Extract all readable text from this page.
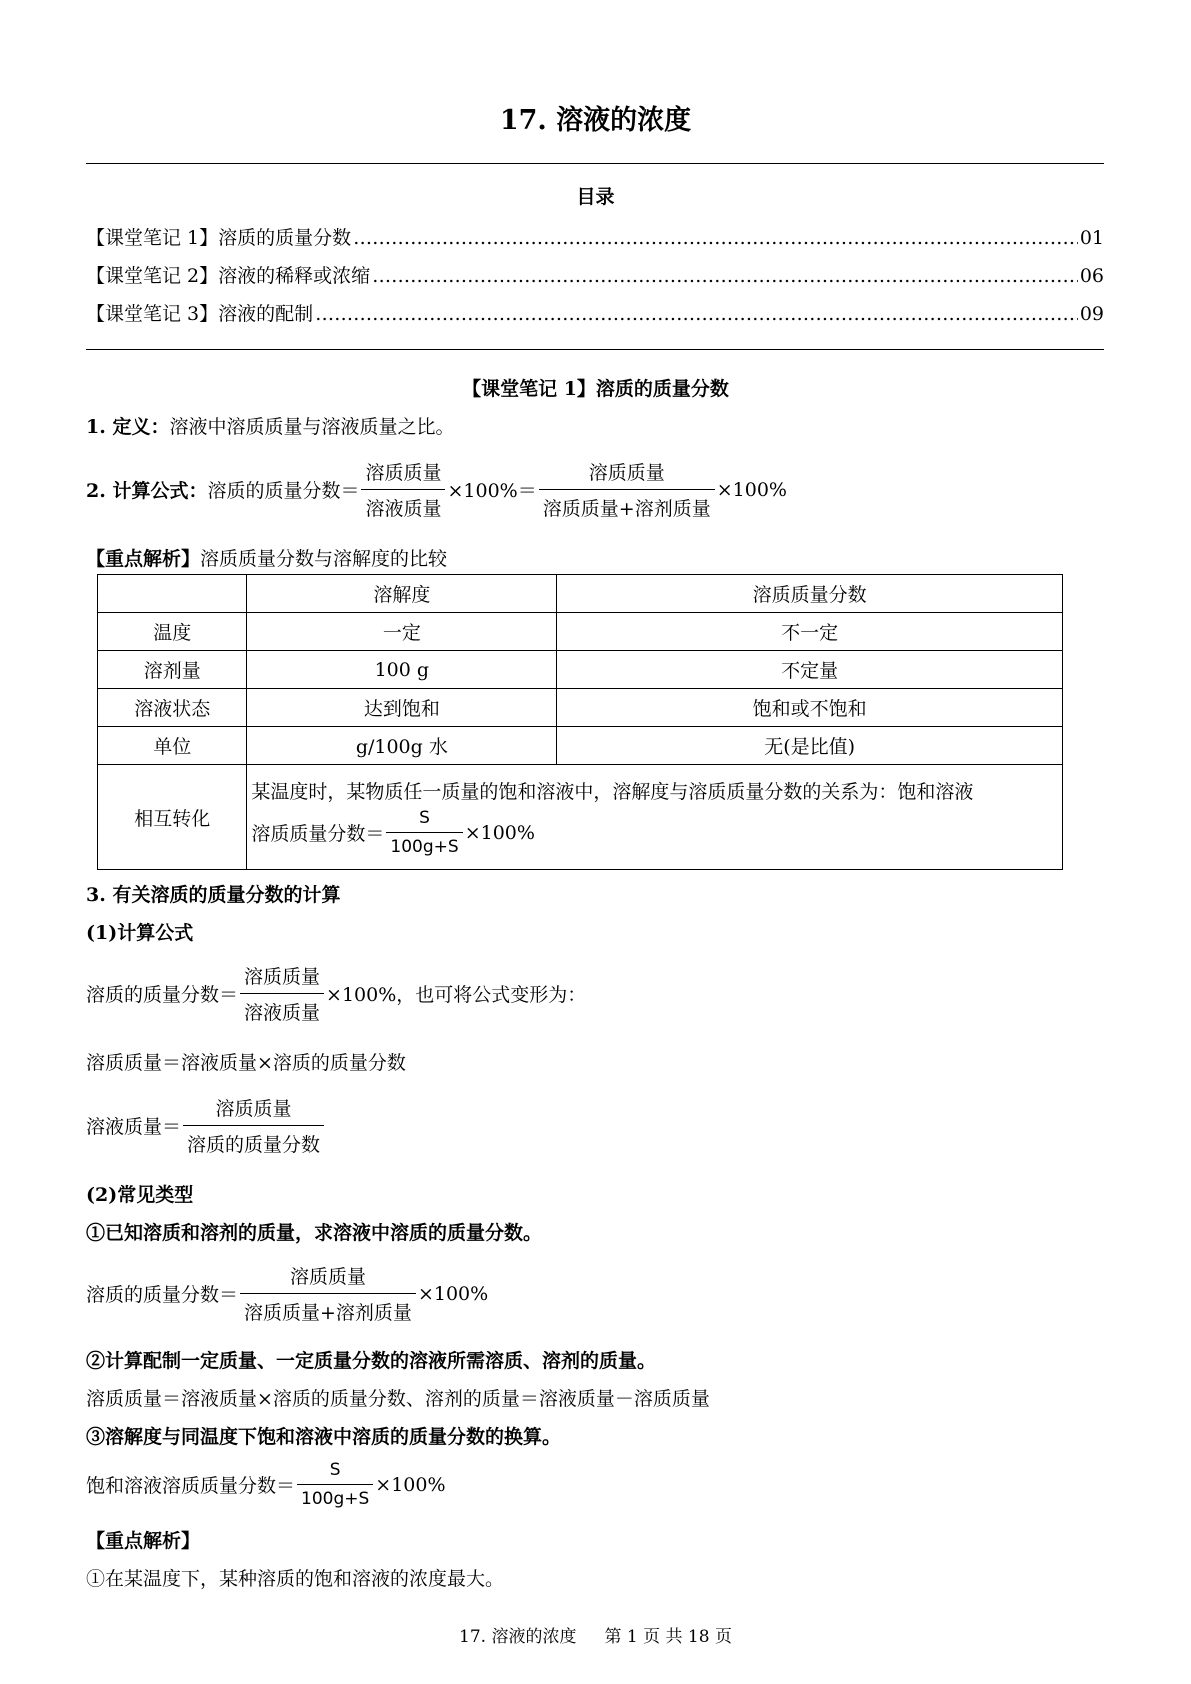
17. 溶液的浓度
目录
【课堂笔记 1】溶质的质量分数 …………………………………………………………………………………………………………………………………………………………………………………………	01
【课堂笔记 2】溶液的稀释或浓缩 …………………………………………………………………………………………………………………………………………………………………………………………	06
【课堂笔记 3】溶液的配制 …………………………………………………………………………………………………………………………………………………………………………………………	09
【课堂笔记 1】溶质的质量分数
1. 定义：溶液中溶质质量与溶液质量之比。
2. 计算公式： 溶质的质量分数＝ $\frac{\text{溶质质量}}{\text{溶液质量}} \times 100\%= \frac{\text{溶质质量}}{\text{溶质质量+溶剂质量}} \times 100\%$
【重点解析】溶质质量分数与溶解度的比较
	溶解度	溶质质量分数
温度	一定	不一定
溶剂量	100 g	不定量
溶液状态	达到饱和	饱和或不饱和
单位	g/100g 水	无(是比值)
相互转化	某温度时，某物质任一质量的饱和溶液中，溶解度与溶质质量分数的关系为：饱和溶液
溶质质量分数＝ $\frac{S}{100g+S} \times 100\%$	
3. 有关溶质的质量分数的计算
(1)计算公式
溶质的质量分数＝ $\frac{\text{溶质质量}}{\text{溶液质量}} \times 100\%$，也可将公式变形为：
溶质质量＝溶液质量×溶质的质量分数
溶液质量＝ $\frac{\text{溶质质量}}{\text{溶质的质量分数}}$
(2)常见类型
①已知溶质和溶剂的质量，求溶液中溶质的质量分数。
溶质的质量分数＝ $\frac{\text{溶质质量}}{\text{溶质质量+溶剂质量}} \times 100\%$
②计算配制一定质量、一定质量分数的溶液所需溶质、溶剂的质量。
溶质质量＝溶液质量×溶质的质量分数、溶剂的质量＝溶液质量－溶质质量
③溶解度与同温度下饱和溶液中溶质的质量分数的换算。
饱和溶液溶质质量分数＝ $\frac{S}{100g+S} \times 100\%$
【重点解析】
①在某温度下，某种溶质的饱和溶液的浓度最大。
17. 溶液的浓度 第 1 页 共 18 页
